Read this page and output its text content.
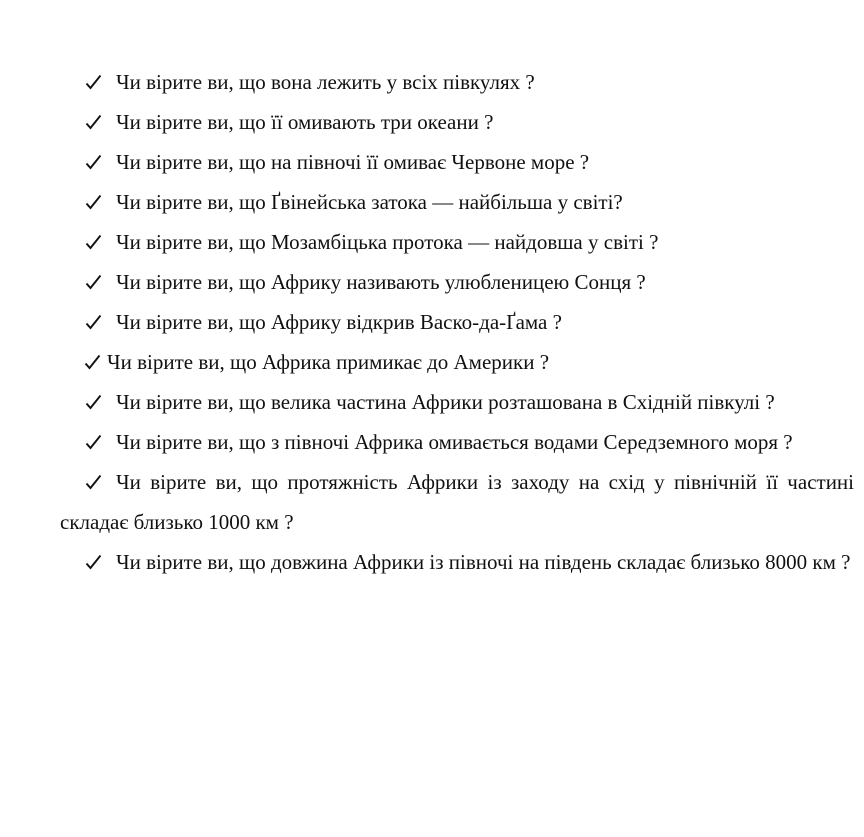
Чи вірите ви, що вона лежить у всіх півкулях ?

Чи вірите ви, що її омивають три океани ?

Чи вірите ви, що на півночі її омиває Червоне море ?

Чи вірите ви, що Ґвінейська затока — найбільша у світі?

Чи вірите ви, що Мозамбіцька протока — найдовша у світі ?

Чи вірите ви, що Африку називають улюбленицею Сонця ?

Чи вірите ви, що Африку відкрив Васко-да-Ґама ?

Чи вірите ви, що Африка примикає до Америки ?

Чи вірите ви, що велика частина Африки розташована в Східній півкулі ?

Чи вірите ви, що з півночі Африка омивається водами Середземного моря ?

Чи вірите ви, що протяжність Африки із заходу на схід у північній її частині складає близько 1000 км ?

Чи вірите ви, що довжина Африки із півночі на південь складає близько 8000 км ?
